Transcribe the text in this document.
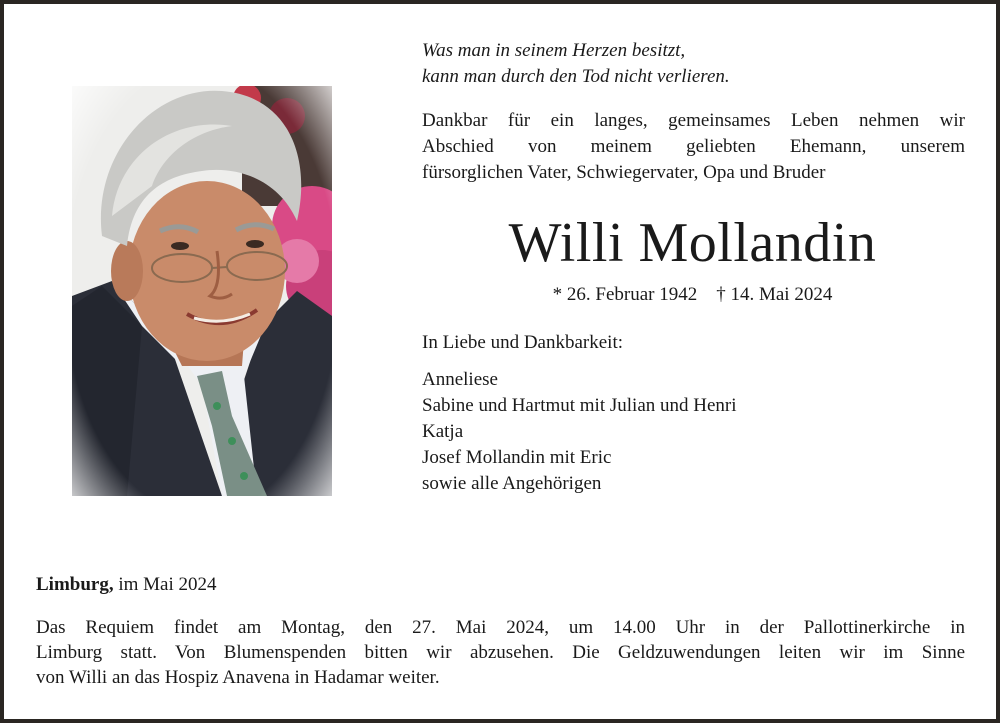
Was man in seinem Herzen besitzt,
kann man durch den Tod nicht verlieren.
Dankbar für ein langes, gemeinsames Leben nehmen wir
Abschied von meinem geliebten Ehemann, unserem
fürsorglichen Vater, Schwiegervater, Opa und Bruder
Willi Mollandin
* 26. Februar 1942    † 14. Mai 2024
In Liebe und Dankbarkeit:
Anneliese
Sabine und Hartmut mit Julian und Henri
Katja
Josef Mollandin mit Eric
sowie alle Angehörigen
Limburg, im Mai 2024
Das Requiem findet am Montag, den 27. Mai 2024, um 14.00 Uhr in der Pallottinerkirche in
Limburg statt. Von Blumenspenden bitten wir abzusehen. Die Geldzuwendungen leiten wir im Sinne
von Willi an das Hospiz Anavena in Hadamar weiter.
